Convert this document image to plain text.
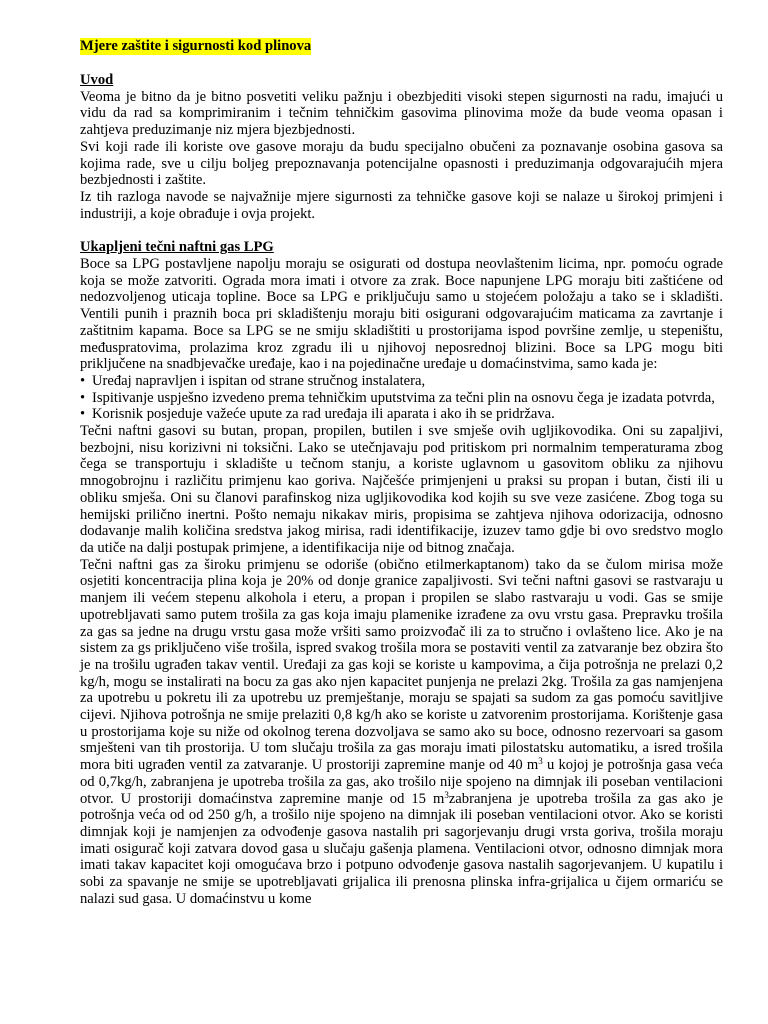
Mjere zaštite i sigurnosti kod plinova
Uvod

Veoma je bitno da je bitno posvetiti veliku pažnju i obezbjediti visoki stepen sigurnosti na radu, imajući u vidu da rad sa komprimiranim i tečnim tehničkim gasovima plinovima može da bude veoma opasan i zahtjeva preduzimanje niz mjera bjezbjednosti.

Svi koji rade ili koriste ove gasove moraju da budu specijalno obučeni za poznavanje osobina gasova sa kojima rade, sve u cilju boljeg prepoznavanja potencijalne opasnosti i preduzimanja odgovarajućih mjera bezbjednosti i zaštite.

Iz tih razloga navode se najvažnije mjere sigurnosti za tehničke gasove koji se nalaze u širokoj primjeni i industriji, a koje obrađuje i ovja projekt.

Ukapljeni tečni naftni gas LPG

Boce sa LPG postavljene napolju moraju se osigurati od dostupa neovlaštenim licima, npr. pomoću ograde koja se može zatvoriti. Ograda mora imati i otvore za zrak. Boce napunjene LPG moraju biti zaštićene od nedozvoljenog uticaja topline. Boce sa LPG e priključuju samo u stojećem položaju a tako se i skladišti. Ventili punih i praznih boca pri skladištenju moraju biti osigurani odgovarajućim maticama za zavrtanje i zaštitnim kapama. Boce sa LPG se ne smiju skladištiti u prostorijama ispod površine zemlje, u stepeništu, međuspratovima, prolazima kroz zgradu ili u njihovoj neposrednoj blizini. Boce sa LPG mogu biti priključene na snadbjevačke uređaje, kao i na pojedinačne uređaje u domaćinstvima, samo kada je:

• Uređaj napravljen i ispitan od strane stručnog instalatera,
• Ispitivanje uspješno izvedeno prema tehničkim uputstvima za tečni plin na osnovu čega je izadata potvrda,
• Korisnik posjeduje važeće upute za rad uređaja ili aparata i ako ih se pridržava.

Tečni naftni gasovi su butan, propan, propilen, butilen i sve smješe ovih ugljikovodika. Oni su zapaljivi, bezbojni, nisu korizivni ni toksični. Lako se utečnjavaju pod pritiskom pri normalnim temperaturama zbog čega se transportuju i skladište u tečnom stanju, a koriste uglavnom u gasovitom obliku za njihovu mnogobrojnu i različitu primjenu kao goriva. Najčešće primjenjeni u praksi su propan i butan, čisti ili u obliku smješa. Oni su članovi parafinskog niza ugljikovodika kod kojih su sve veze zasićene. Zbog toga su hemijski prilično inertni. Pošto nemaju nikakav miris, propisima se zahtjeva njihova odorizacija, odnosno dodavanje malih količina sredstva jakog mirisa, radi identifikacije, izuzev tamo gdje bi ovo sredstvo moglo da utiče na dalji postupak primjene, a identifikacija nije od bitnog značaja.

Tečni naftni gas za široku primjenu se odoriše (obično etilmerkaptanom) tako da se čulom mirisa može osjetiti koncentracija plina koja je 20% od donje granice zapaljivosti. Svi tečni naftni gasovi se rastvaraju u manjem ili većem stepenu alkohola i eteru, a propan i propilen se slabo rastvaraju u vodi. Gas se smije upotrebljavati samo putem trošila za gas koja imaju plamenike izrađene za ovu vrstu gasa. Prepravku trošila za gas sa jedne na drugu vrstu gasa može vršiti samo proizvođač ili za to stručno i ovlašteno lice. Ako je na sistem za gs priključeno više trošila, ispred svakog trošila mora se postaviti ventil za zatvaranje bez obzira što je na trošilu ugrađen takav ventil. Uređaji za gas koji se koriste u kampovima, a čija potrošnja ne prelazi 0,2 kg/h, mogu se instalirati na bocu za gas ako njen kapacitet punjenja ne prelazi 2kg. Trošila za gas namjenjena za upotrebu u pokretu ili za upotrebu uz premještanje, moraju se spajati sa sudom za gas pomoću savitljive cijevi. Njihova potrošnja ne smije prelaziti 0,8 kg/h ako se koriste u zatvorenim prostorijama. Korištenje gasa u prostorijama koje su niže od okolnog terena dozvoljava se samo ako su boce, odnosno rezervoari sa gasom smješteni van tih prostorija. U tom slučaju trošila za gas moraju imati pilostatsku automatiku, a isred trošila mora biti ugrađen ventil za zatvaranje. U prostoriji zapremine manje od 40 $m^3$ u kojoj je potrošnja gasa veća od 0,7kg/h, zabranjena je upotreba trošila za gas, ako trošilo nije spojeno na dimnjak ili poseban ventilacioni otvor. U prostoriji domaćinstva zapremine manje od 15 $m^3zabranjena$ je upotreba trošila za gas ako je potrošnja veća od od 250 g/h, a trošilo nije spojeno na dimnjak ili poseban ventilacioni otvor. Ako se koristi dimnjak koji je namjenjen za odvođenje gasova nastalih pri sagorjevanju drugi vrsta goriva, trošila moraju imati osigurač koji zatvara dovod gasa u slučaju gašenja plamena. Ventilacioni otvor, odnosno dimnjak mora imati takav kapacitet koji omogućava brzo i potpuno odvođenje gasova nastalih sagorjevanjem. U kupatilu i sobi za spavanje ne smije se upotrebljavati grijalica ili prenosna plinska infra-grijalica u čijem ormariću se nalazi sud gasa. U domaćinstvu u kome
